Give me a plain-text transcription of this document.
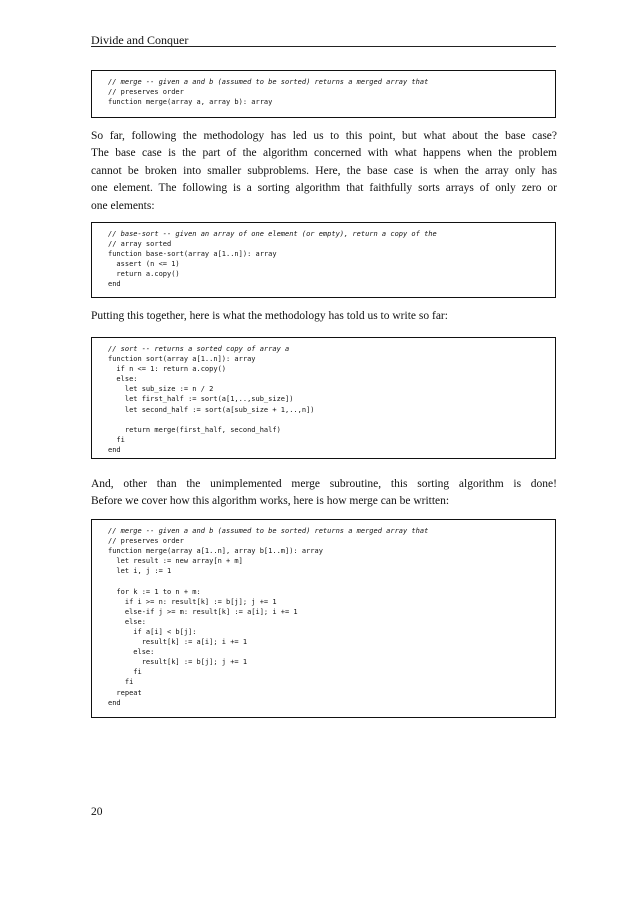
Divide and Conquer
// merge -- given a and b (assumed to be sorted) returns a merged array that
// preserves order
function merge(array a, array b): array
So far, following the methodology has led us to this point, but what about the base case?
The base case is the part of the algorithm concerned with what happens when the problem
cannot be broken into smaller subproblems. Here, the base case is when the array only has
one element. The following is a sorting algorithm that faithfully sorts arrays of only zero or
one elements:
// base-sort -- given an array of one element (or empty), return a copy of the
// array sorted
function base-sort(array a[1..n]): array
assert (n <= 1)
return a.copy()
end
Putting this together, here is what the methodology has told us to write so far:
// sort -- returns a sorted copy of array a
function sort(array a[1..n]): array
if n <= 1: return a.copy()
else:
let sub_size := n / 2
let first_half := sort(a[1,..,sub_size])
let second_half := sort(a[sub_size + 1,..,n])
return merge(first_half, second_half)
fi
end
And, other than the unimplemented merge subroutine, this sorting algorithm is done!
Before we cover how this algorithm works, here is how merge can be written:
// merge -- given a and b (assumed to be sorted) returns a merged array that
// preserves order
function merge(array a[1..n], array b[1..m]): array
let result := new array[n + m]
let i, j := 1
for k := 1 to n + m:
if i >= n: result[k] := b[j]; j += 1
else-if j >= m: result[k] := a[i]; i += 1
else:
if a[i] < b[j]:
result[k] := a[i]; i += 1
else:
result[k] := b[j]; j += 1
fi
fi
repeat
end
20
